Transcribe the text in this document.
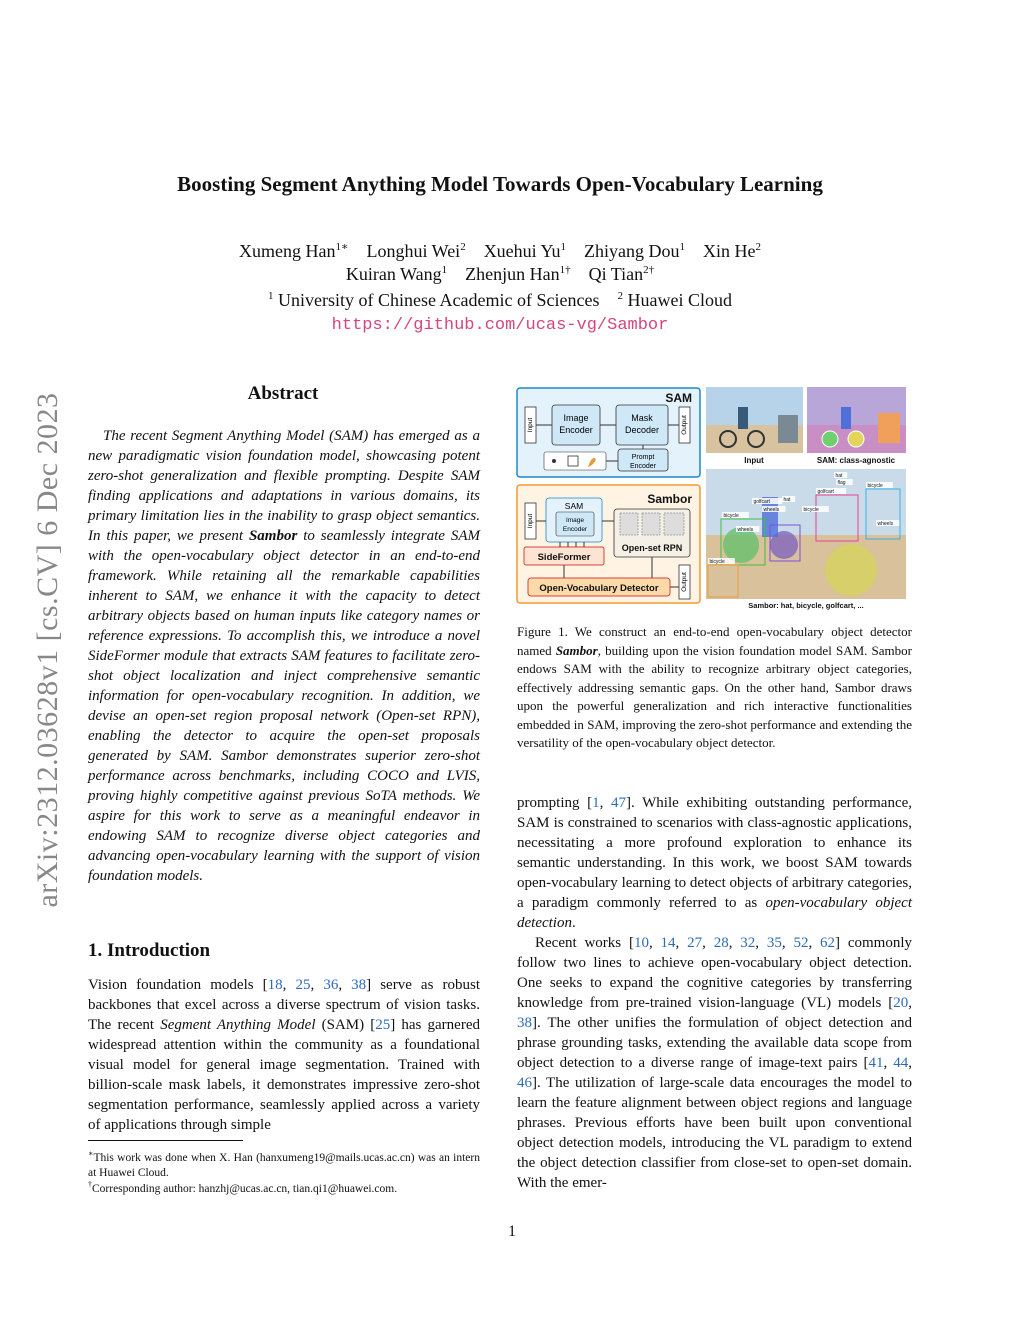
arXiv:2312.03628v1 [cs.CV] 6 Dec 2023
Boosting Segment Anything Model Towards Open-Vocabulary Learning
Xumeng Han$^{1∗}$ Longhui Wei$^2$ Xuehui Yu$^1$ Zhiyang Dou$^1$ Xin He$^2$
Kuiran Wang$^1$ Zhenjun Han$^{1\dagger}$ Qi Tian$^{2\dagger}$
$^1$ University of Chinese Academic of Sciences $^2$ Huawei Cloud
https://github.com/ucas-vg/Sambor
Abstract

The recent Segment Anything Model (SAM) has emerged as a new paradigmatic vision foundation model, showcasing potent zero-shot generalization and flexible prompting. Despite SAM finding applications and adaptations in various domains, its primary limitation lies in the inability to grasp object semantics. In this paper, we present Sambor to seamlessly integrate SAM with the open-vocabulary object detector in an end-to-end framework. While retaining all the remarkable capabilities inherent to SAM, we enhance it with the capacity to detect arbitrary objects based on human inputs like category names or reference expressions. To accomplish this, we introduce a novel SideFormer module that extracts SAM features to facilitate zero-shot object localization and inject comprehensive semantic information for open-vocabulary recognition. In addition, we devise an open-set region proposal network (Open-set RPN), enabling the detector to acquire the open-set proposals generated by SAM. Sambor demonstrates superior zero-shot performance across benchmarks, including COCO and LVIS, proving highly competitive against previous SoTA methods. We aspire for this work to serve as a meaningful endeavor in endowing SAM to recognize diverse object categories and advancing open-vocabulary learning with the support of vision foundation models.

1. Introduction

Vision foundation models [18, 25, 36, 38] serve as robust backbones that excel across a diverse spectrum of vision tasks. The recent Segment Anything Model (SAM) [25] has garnered widespread attention within the community as a foundational visual model for general image segmentation. Trained with billion-scale mask labels, it demonstrates impressive zero-shot segmentation performance, seamlessly applied across a variety of applications through simple

∗This work was done when X. Han (hanxumeng19@mails.ucas.ac.cn) was an intern at Huawei Cloud.
†Corresponding author: hanzhj@ucas.ac.cn, tian.qi1@huawei.com.
SAM
Input	Image
Encoder
Mask
Decoder	Output
Prompt
Encoder
Sambor
Input
SAM
Image
Encoder
SideFormer
Open-set RPN
Open-Vocabulary Detector	Output
Input	SAM: class-agnostic
golfcart
hat
flag
bicycle
wheels
bicycle
golfcart
wheels
hat
bicycle
wheels
bicycle
Sambor: hat, bicycle, golfcart, ...

Figure 1. We construct an end-to-end open-vocabulary object detector named Sambor, building upon the vision foundation model SAM. Sambor endows SAM with the ability to recognize arbitrary object categories, effectively addressing semantic gaps. On the other hand, Sambor draws upon the powerful generalization and rich interactive functionalities embedded in SAM, improving the zero-shot performance and extending the versatility of the open-vocabulary object detector.

prompting [1, 47]. While exhibiting outstanding performance, SAM is constrained to scenarios with class-agnostic applications, necessitating a more profound exploration to enhance its semantic understanding. In this work, we boost SAM towards open-vocabulary learning to detect objects of arbitrary categories, a paradigm commonly referred to as open-vocabulary object detection.

Recent works [10, 14, 27, 28, 32, 35, 52, 62] commonly follow two lines to achieve open-vocabulary object detection. One seeks to expand the cognitive categories by transferring knowledge from pre-trained vision-language (VL) models [20, 38]. The other unifies the formulation of object detection and phrase grounding tasks, extending the available data scope from object detection to a diverse range of image-text pairs [41, 44, 46]. The utilization of large-scale data encourages the model to learn the feature alignment between object regions and language phrases. Previous efforts have been built upon conventional object detection models, introducing the VL paradigm to extend the object detection classifier from close-set to open-set domain. With the emer-

1
